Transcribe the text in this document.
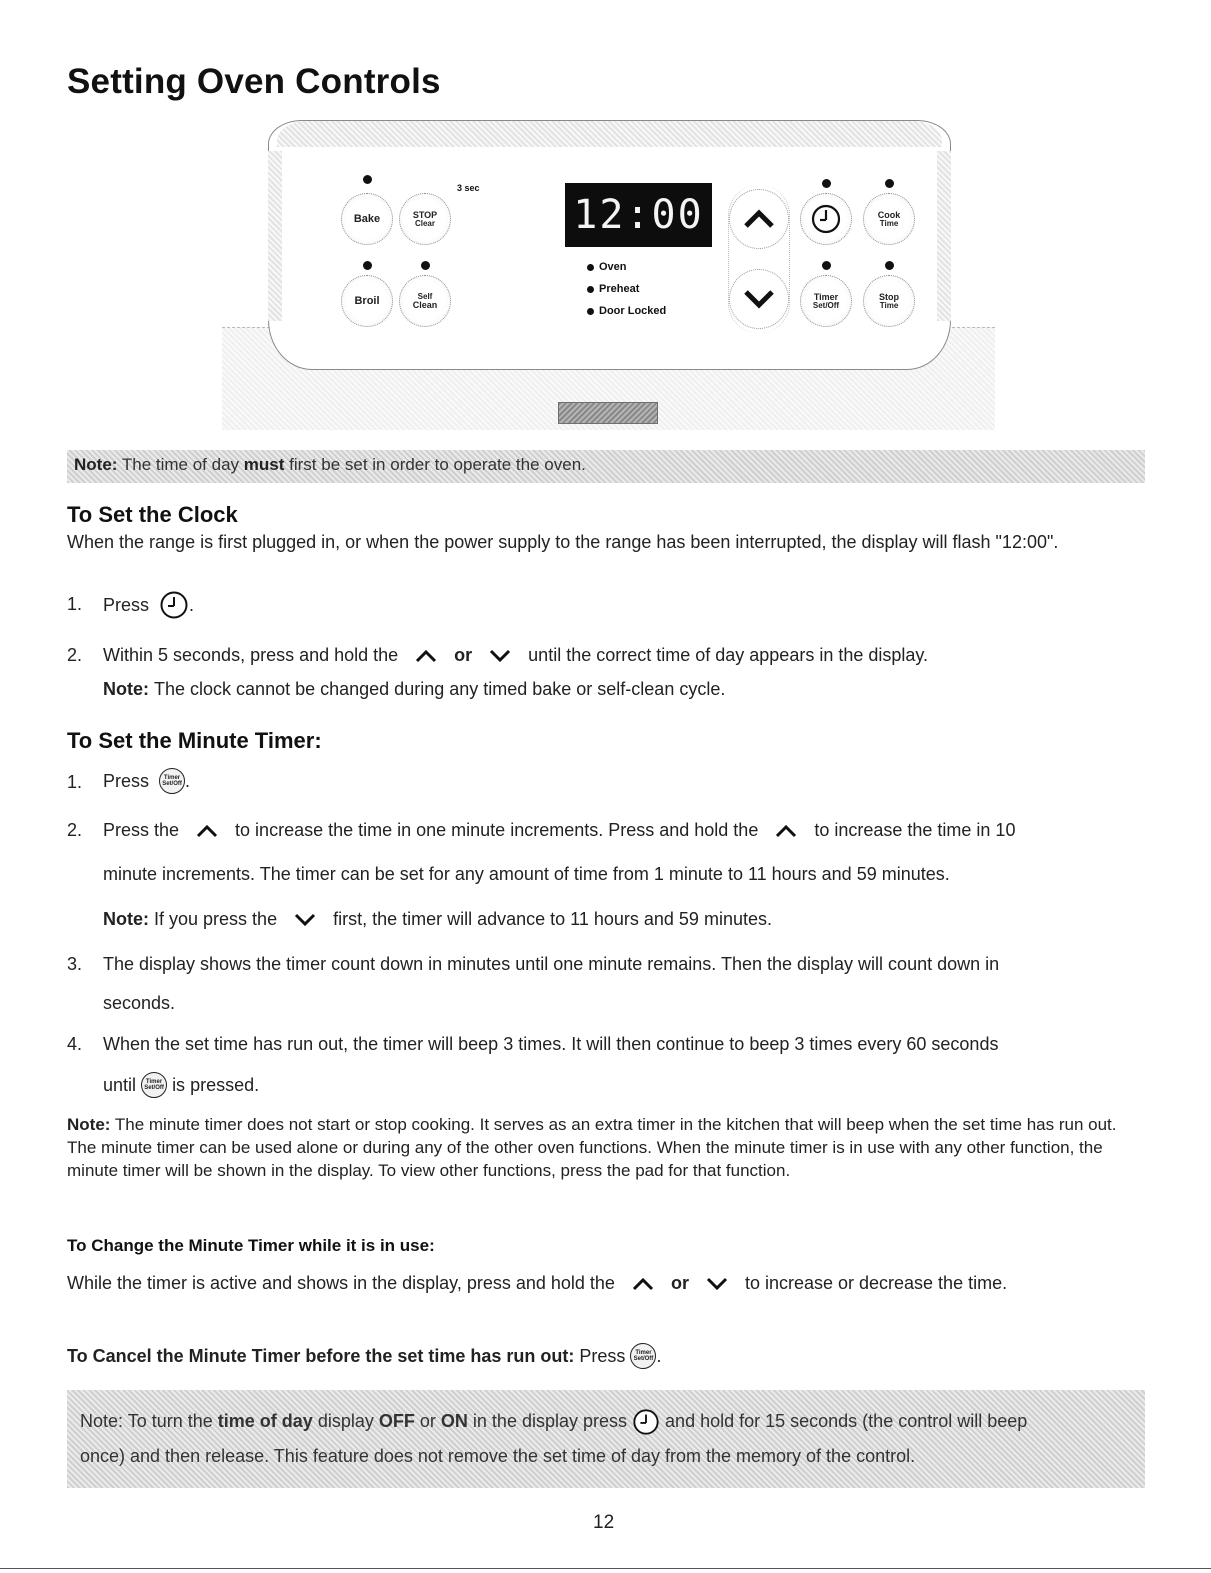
Setting Oven Controls
3 sec
Bake	STOP
Clear
Broil	Self
Clean
12:00
Oven
Preheat
Door Locked
Cook
Time
Timer
Set/Off
Stop
Time
Note: The time of day must first be set in order to operate the oven.
To Set the Clock

When the range is first plugged in, or when the power supply to the range has been interrupted, the display will flash "12:00".

1. Press
.
2. Within 5 seconds, press and hold the	or	until the correct time of day appears in the display.
Note:
The clock cannot be changed during any timed bake or self-clean cycle.
To Set the Minute Timer:
1. Press
	Timer
Set/Off .
2. Press the	to increase the time in one minute increments. Press and hold the	to increase the time in 10
minute increments. The timer can be set for any amount of time from 1 minute to 11 hours and 59 minutes.
Note:
If you press the	first, the timer will advance to 11 hours and 59 minutes.
3. The display shows the timer count down in minutes until one minute remains. Then the display will count down in
seconds.
4. When the set time has run out, the timer will beep 3 times. It will then continue to beep 3 times every 60 seconds
until
	Timer
Set/Off
is pressed.

Note: The minute timer does not start or stop cooking. It serves as an extra timer in the kitchen that will beep when the set time has run out. The minute timer can be used alone or during any of the other oven functions. When the minute timer is in use with any other function, the minute timer will be shown in the display. To view other functions, press the pad for that function.

To Change the Minute Timer while it is in use:
While the timer is active and shows in the display, press and hold the	or	to increase or decrease the time.
To Cancel the Minute Timer before the set time has run out:
Press
	Timer
Set/Off .
Note: To turn the
time of day
display
OFF
or
ON
in the display press

and hold for 15 seconds (the control will beep
once) and then release. This feature does not remove the set time of day from the memory of the control.
12
